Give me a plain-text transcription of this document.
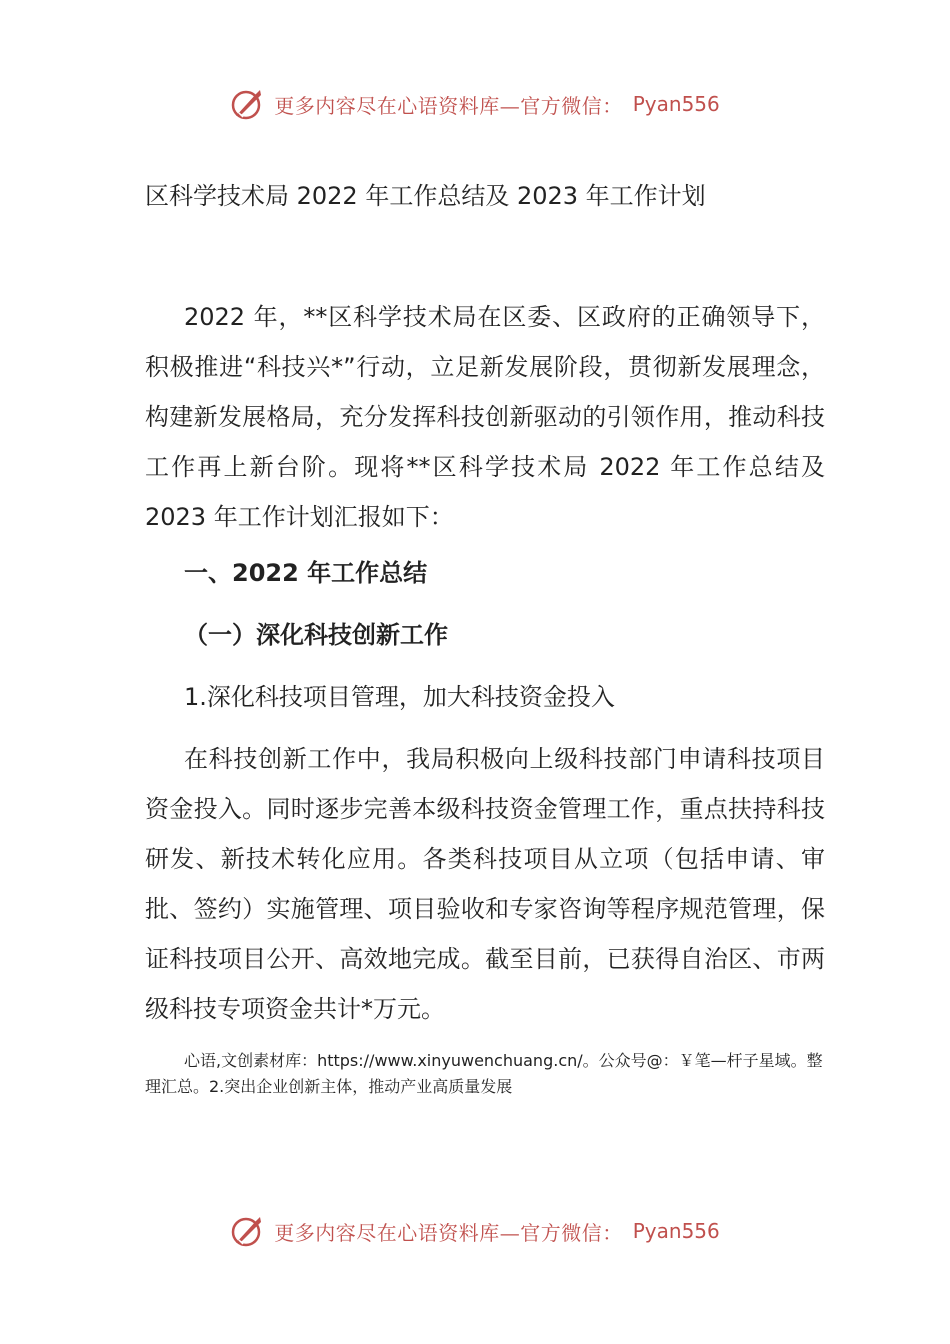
更多内容尽在心语资料库—官方微信： Pyan556
区科学技术局 2022 年工作总结及 2023 年工作计划

2022 年，**区科学技术局在区委、区政府的正确领导下，积极推进“科技兴*”行动，立足新发展阶段，贯彻新发展理念，构建新发展格局，充分发挥科技创新驱动的引领作用，推动科技工作再上新台阶。现将**区科学技术局 2022 年工作总结及 2023 年工作计划汇报如下：

一、2022 年工作总结
（一）深化科技创新工作
1.深化科技项目管理，加大科技资金投入

在科技创新工作中，我局积极向上级科技部门申请科技项目资金投入。同时逐步完善本级科技资金管理工作，重点扶持科技研发、新技术转化应用。各类科技项目从立项（包括申请、审批、签约）实施管理、项目验收和专家咨询等程序规范管理，保证科技项目公开、高效地完成。截至目前，已获得自治区、市两级科技专项资金共计*万元。

心语,文创素材库：https://www.xinyuwenchuang.cn/。公众号@：￥笔—杆子星域。整理汇总。2.突出企业创新主体，推动产业高质量发展

更多内容尽在心语资料库—官方微信： Pyan556
